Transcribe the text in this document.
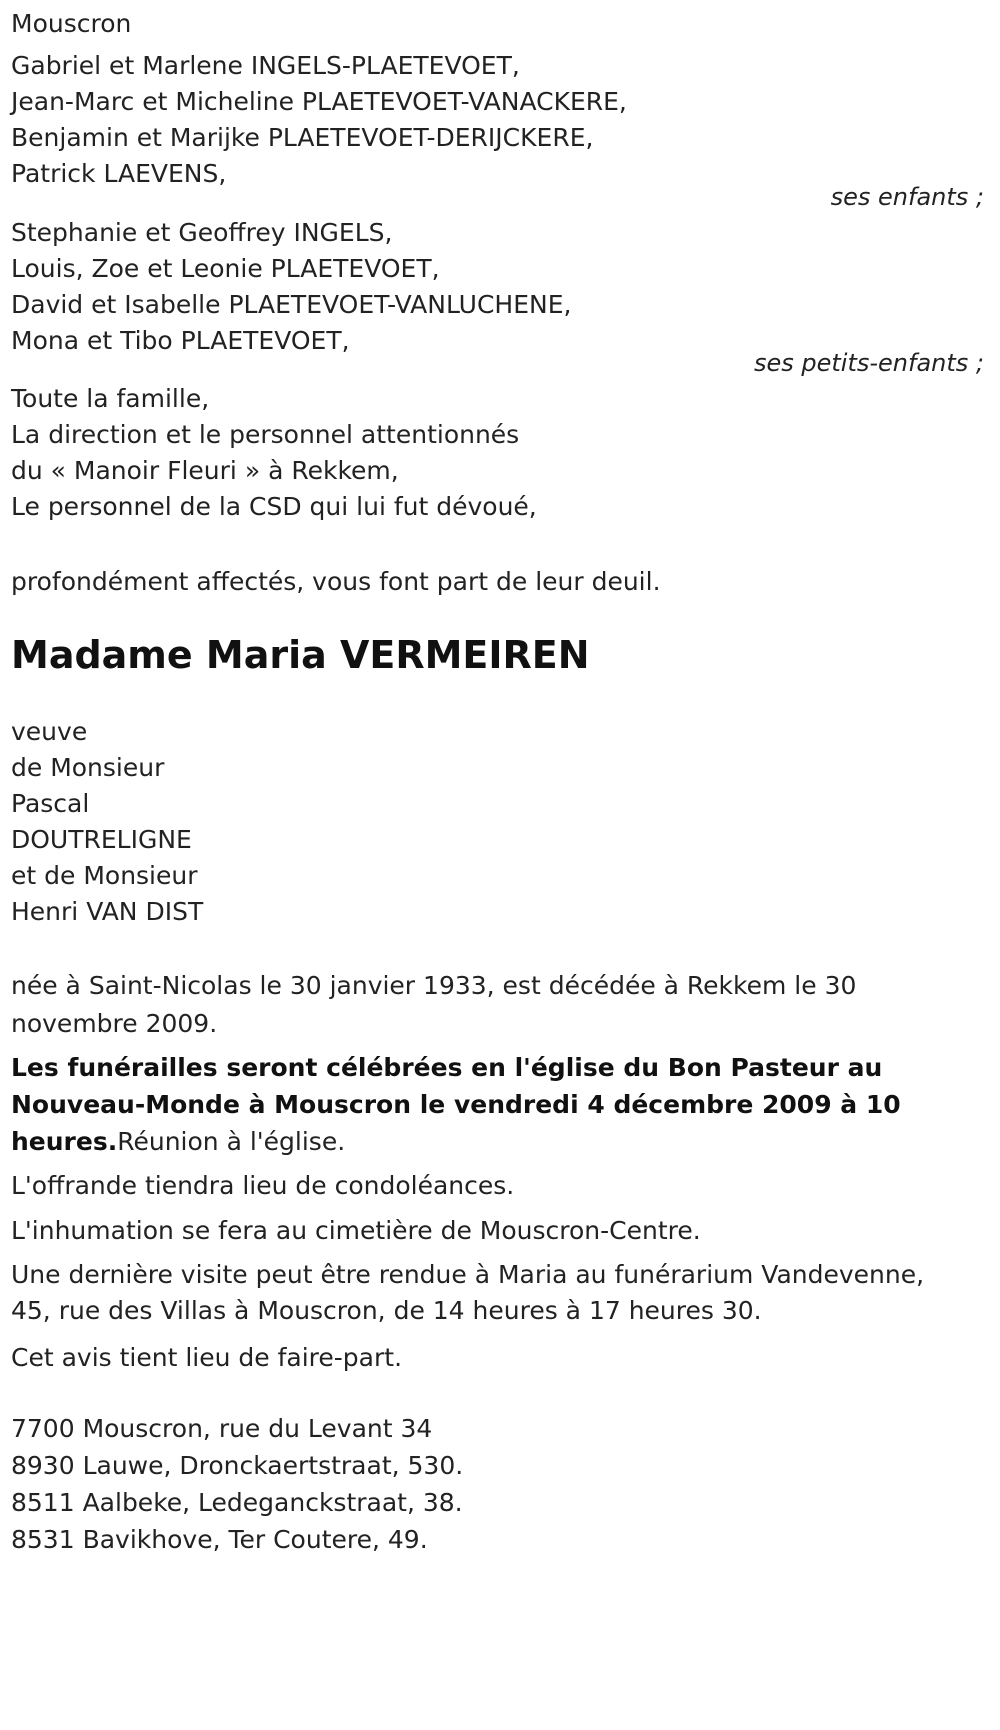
Mouscron
Gabriel et Marlene INGELS-PLAETEVOET,
Jean-Marc et Micheline PLAETEVOET-VANACKERE,
Benjamin et Marijke PLAETEVOET-DERIJCKERE,
Patrick LAEVENS,
ses enfants ;
Stephanie et Geoffrey INGELS,
Louis, Zoe et Leonie PLAETEVOET,
David et Isabelle PLAETEVOET-VANLUCHENE,
Mona et Tibo PLAETEVOET,
ses petits-enfants ;
Toute la famille,
La direction et le personnel attentionnés
du « Manoir Fleuri » à Rekkem,
Le personnel de la CSD qui lui fut dévoué,
profondément affectés, vous font part de leur deuil.
Madame Maria VERMEIREN
veuve
de Monsieur
Pascal
DOUTRELIGNE
et de Monsieur
Henri VAN DIST
née à Saint-Nicolas le 30 janvier 1933, est décédée à Rekkem le 30
novembre 2009.
Les funérailles seront célébrées en l'église du Bon Pasteur au
Nouveau-Monde à Mouscron le vendredi 4 décembre 2009 à 10
heures.Réunion à l'église.
L'offrande tiendra lieu de condoléances.
L'inhumation se fera au cimetière de Mouscron-Centre.
Une dernière visite peut être rendue à Maria au funérarium Vandevenne,
45, rue des Villas à Mouscron, de 14 heures à 17 heures 30.
Cet avis tient lieu de faire-part.
7700 Mouscron, rue du Levant 34
8930 Lauwe, Dronckaertstraat, 530.
8511 Aalbeke, Ledeganckstraat, 38.
8531 Bavikhove, Ter Coutere, 49.
